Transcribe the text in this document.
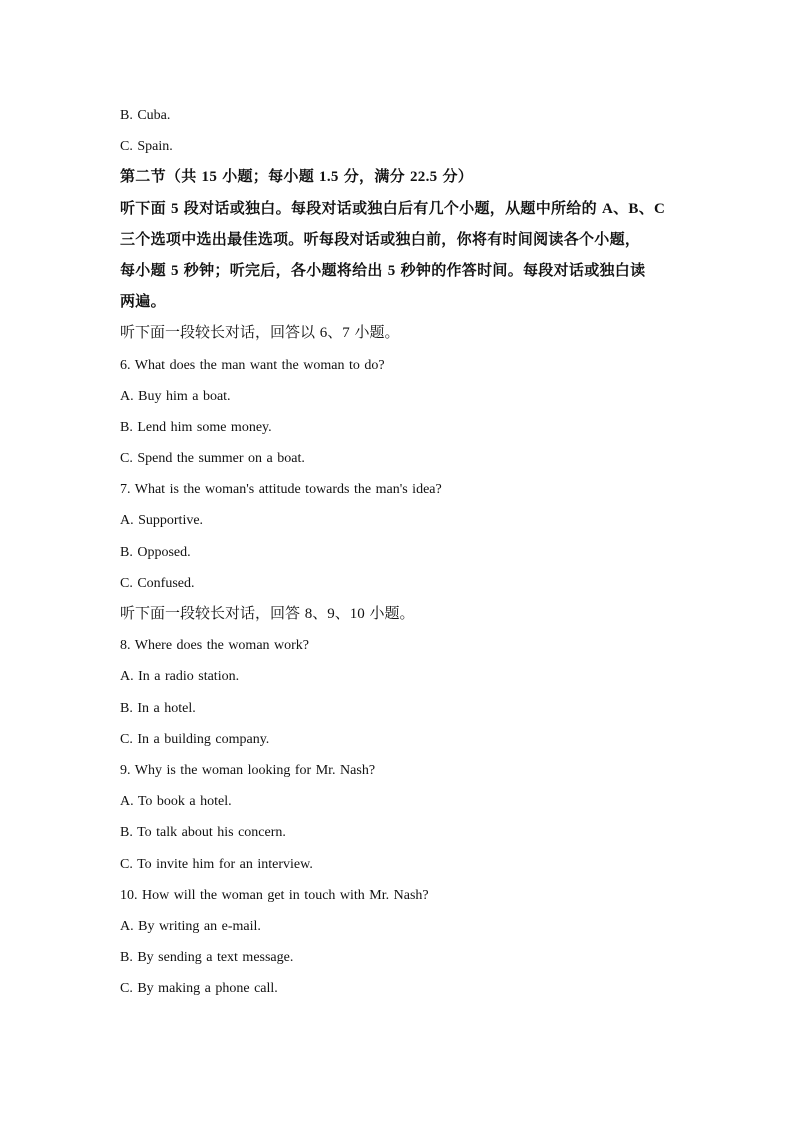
B. Cuba.
C. Spain.
第二节（共 15 小题；每小题 1.5 分，满分 22.5 分）
听下面 5 段对话或独白。每段对话或独白后有几个小题，从题中所给的 A、B、C
三个选项中选出最佳选项。听每段对话或独白前，你将有时间阅读各个小题，
每小题 5 秒钟；听完后，各小题将给出 5 秒钟的作答时间。每段对话或独白读
两遍。
听下面一段较长对话，回答以 6、7 小题。
6. What does the man want the woman to do?
A. Buy him a boat.
B. Lend him some money.
C. Spend the summer on a boat.
7. What is the woman's attitude towards the man's idea?
A. Supportive.
B. Opposed.
C. Confused.
听下面一段较长对话，回答 8、9、10 小题。
8. Where does the woman work?
A. In a radio station.
B. In a hotel.
C. In a building company.
9. Why is the woman looking for Mr. Nash?
A. To book a hotel.
B. To talk about his concern.
C. To invite him for an interview.
10. How will the woman get in touch with Mr. Nash?
A. By writing an e-mail.
B. By sending a text message.
C. By making a phone call.
